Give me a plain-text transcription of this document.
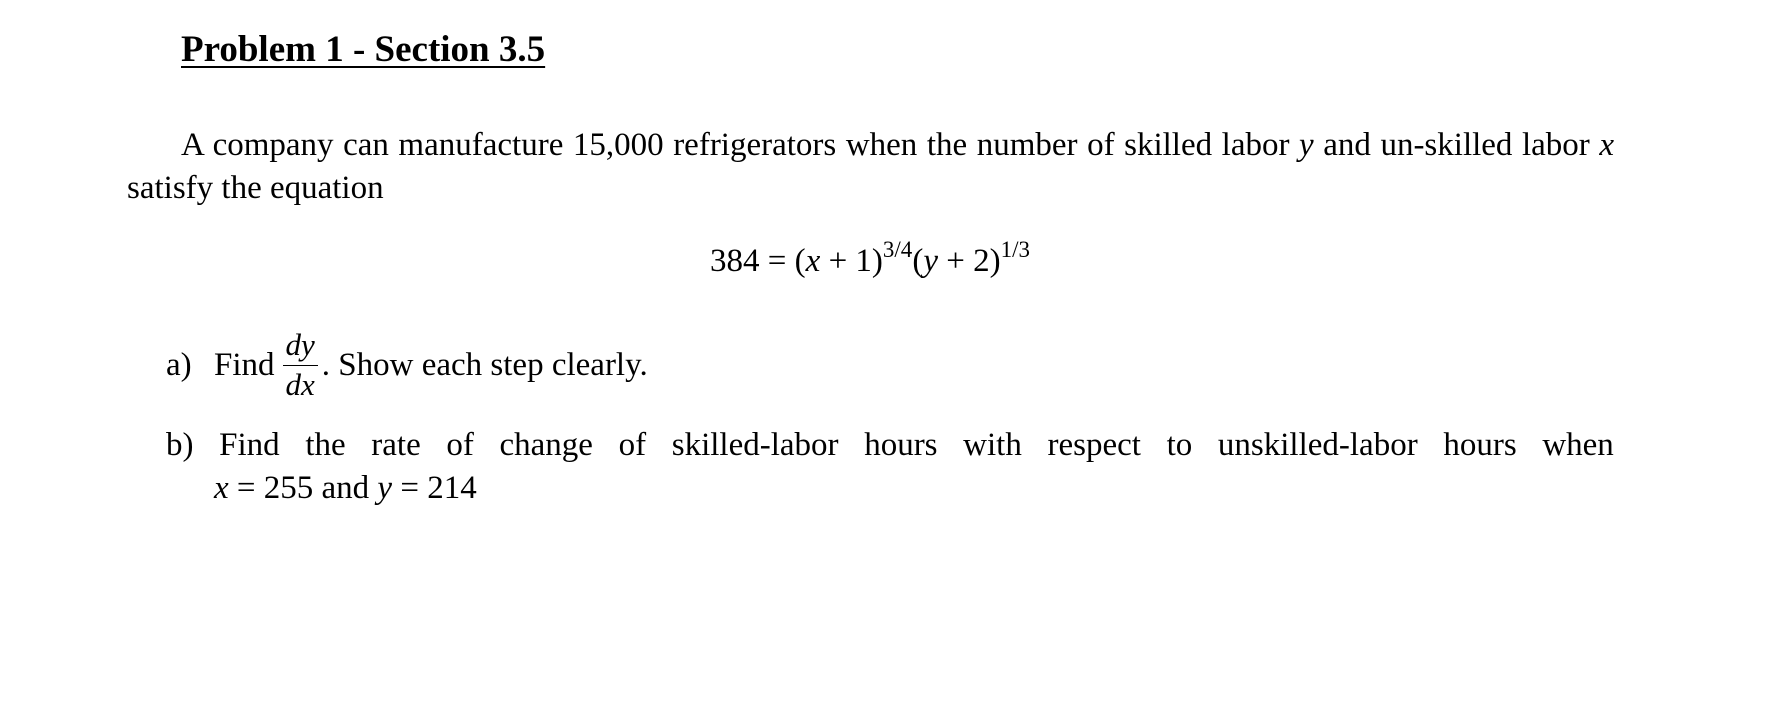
Problem 1 - Section 3.5
A company can manufacture 15,000 refrigerators when the number of skilled labor y and un-skilled labor x satisfy the equation
$384 = (x + 1)^{3/4}(y + 2)^{1/3}$
a) Find $\frac{dy}{dx}$ . Show each step clearly.
b) Find the rate of change of skilled-labor hours with respect to unskilled-labor hours when
x = 255 and y = 214
